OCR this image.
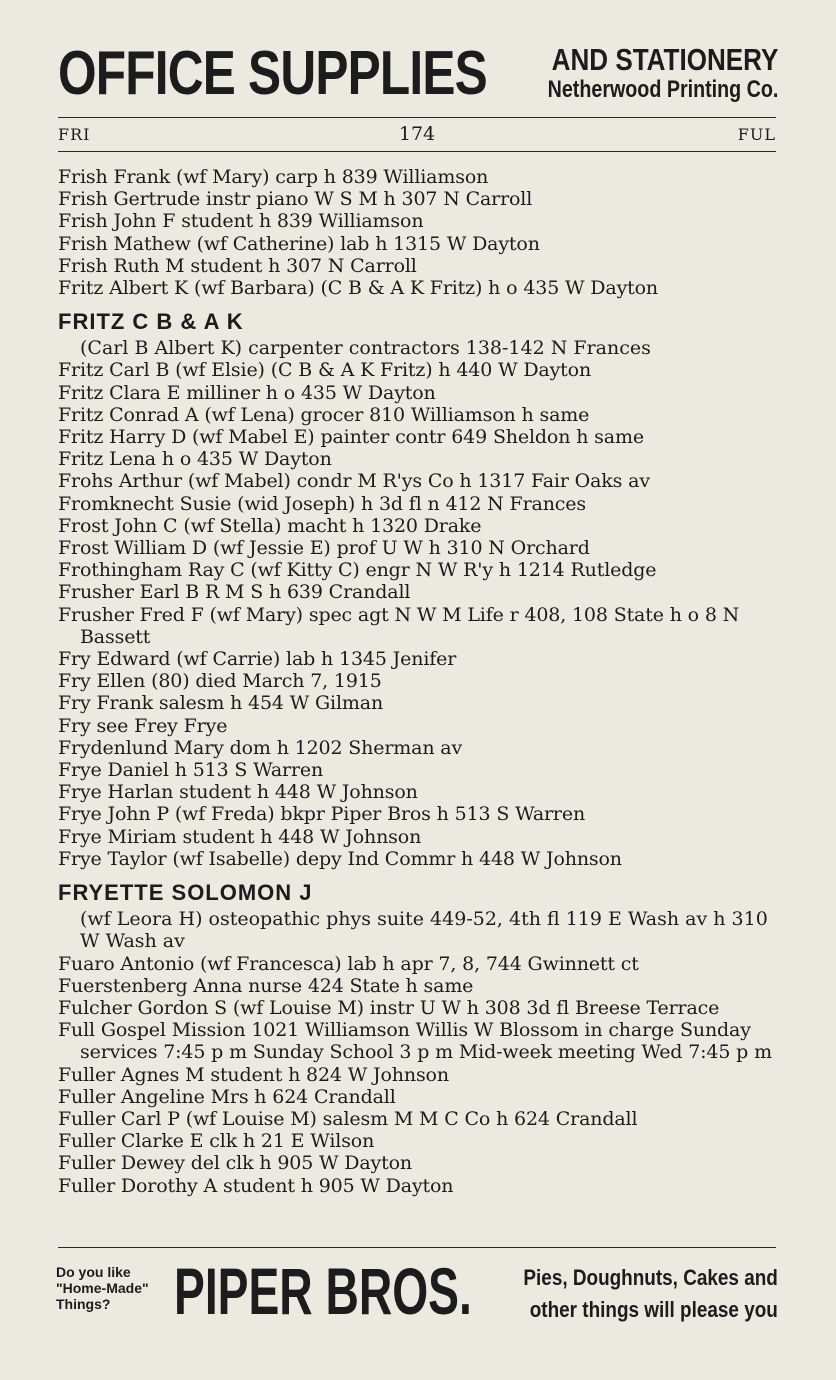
OFFICE SUPPLIES	AND STATIONERY
Netherwood Printing Co.
FRI	174	FUL
Frish Frank (wf Mary) carp h 839 Williamson
Frish Gertrude instr piano W S M h 307 N Carroll
Frish John F student h 839 Williamson
Frish Mathew (wf Catherine) lab h 1315 W Dayton
Frish Ruth M student h 307 N Carroll
Fritz Albert K (wf Barbara) (C B & A K Fritz) h o 435 W Dayton
FRITZ C B & A K
(Carl B Albert K) carpenter contractors 138-142 N Frances
Fritz Carl B (wf Elsie) (C B & A K Fritz) h 440 W Dayton
Fritz Clara E milliner h o 435 W Dayton
Fritz Conrad A (wf Lena) grocer 810 Williamson h same
Fritz Harry D (wf Mabel E) painter contr 649 Sheldon h same
Fritz Lena h o 435 W Dayton
Frohs Arthur (wf Mabel) condr M R'ys Co h 1317 Fair Oaks av
Fromknecht Susie (wid Joseph) h 3d fl n 412 N Frances
Frost John C (wf Stella) macht h 1320 Drake
Frost William D (wf Jessie E) prof U W h 310 N Orchard
Frothingham Ray C (wf Kitty C) engr N W R'y h 1214 Rutledge
Frusher Earl B R M S h 639 Crandall
Frusher Fred F (wf Mary) spec agt N W M Life r 408, 108 State h o 8 N Bassett
Fry Edward (wf Carrie) lab h 1345 Jenifer
Fry Ellen (80) died March 7, 1915
Fry Frank salesm h 454 W Gilman
Fry see Frey Frye
Frydenlund Mary dom h 1202 Sherman av
Frye Daniel h 513 S Warren
Frye Harlan student h 448 W Johnson
Frye John P (wf Freda) bkpr Piper Bros h 513 S Warren
Frye Miriam student h 448 W Johnson
Frye Taylor (wf Isabelle) depy Ind Commr h 448 W Johnson
FRYETTE SOLOMON J
(wf Leora H) osteopathic phys suite 449-52, 4th fl 119 E Wash av h 310 W Wash av
Fuaro Antonio (wf Francesca) lab h apr 7, 8, 744 Gwinnett ct
Fuerstenberg Anna nurse 424 State h same
Fulcher Gordon S (wf Louise M) instr U W h 308 3d fl Breese Terrace
Full Gospel Mission 1021 Williamson Willis W Blossom in charge Sunday services 7:45 p m Sunday School 3 p m Mid-week meeting Wed 7:45 p m
Fuller Agnes M student h 824 W Johnson
Fuller Angeline Mrs h 624 Crandall
Fuller Carl P (wf Louise M) salesm M M C Co h 624 Crandall
Fuller Clarke E clk h 21 E Wilson
Fuller Dewey del clk h 905 W Dayton
Fuller Dorothy A student h 905 W Dayton
Do you like
"Home-Made"
Things? PIPER BROS. Pies, Doughnuts, Cakes and
other things will please you
